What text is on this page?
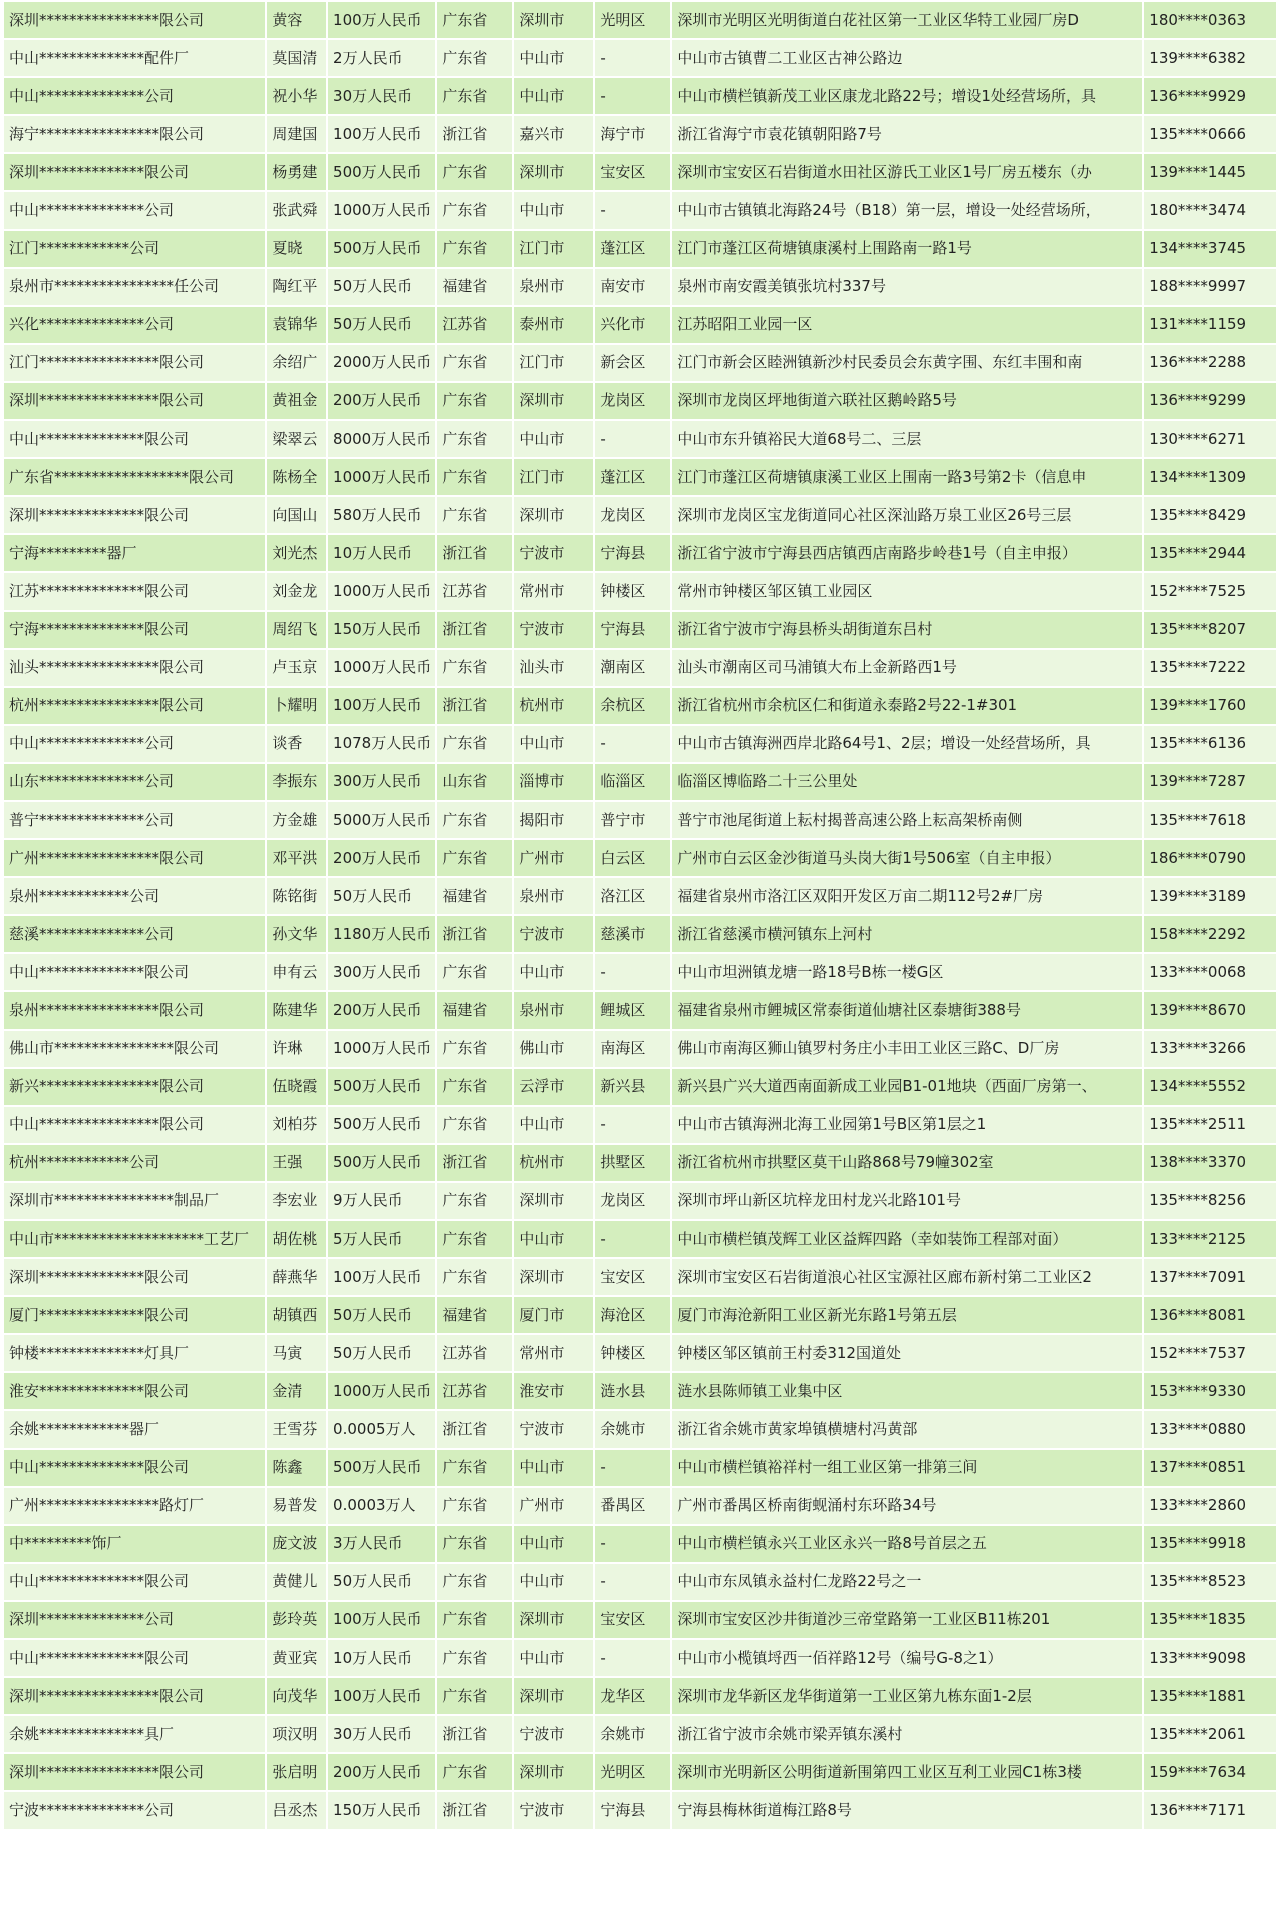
深圳****************限公司	黄容	100万人民币	广东省	深圳市	光明区	深圳市光明区光明街道白花社区第一工业区华特工业园厂房D	180****0363
中山**************配件厂	莫国清	2万人民币	广东省	中山市	-	中山市古镇曹二工业区古神公路边	139****6382
中山**************公司	祝小华	30万人民币	广东省	中山市	-	中山市横栏镇新茂工业区康龙北路22号；增设1处经营场所，具	136****9929
海宁****************限公司	周建国	100万人民币	浙江省	嘉兴市	海宁市	浙江省海宁市袁花镇朝阳路7号	135****0666
深圳**************限公司	杨勇建	500万人民币	广东省	深圳市	宝安区	深圳市宝安区石岩街道水田社区游氏工业区1号厂房五楼东（办	139****1445
中山**************公司	张武舜	1000万人民币	广东省	中山市	-	中山市古镇镇北海路24号（B18）第一层，增设一处经营场所，	180****3474
江门************公司	夏晓	500万人民币	广东省	江门市	蓬江区	江门市蓬江区荷塘镇康溪村上围路南一路1号	134****3745
泉州市****************任公司	陶红平	50万人民币	福建省	泉州市	南安市	泉州市南安霞美镇张坑村337号	188****9997
兴化**************公司	袁锦华	50万人民币	江苏省	泰州市	兴化市	江苏昭阳工业园一区	131****1159
江门****************限公司	余绍广	2000万人民币	广东省	江门市	新会区	江门市新会区睦洲镇新沙村民委员会东黄字围、东红丰围和南	136****2288
深圳****************限公司	黄祖金	200万人民币	广东省	深圳市	龙岗区	深圳市龙岗区坪地街道六联社区鹅岭路5号	136****9299
中山**************限公司	梁翠云	8000万人民币	广东省	中山市	-	中山市东升镇裕民大道68号二、三层	130****6271
广东省******************限公司	陈杨全	1000万人民币	广东省	江门市	蓬江区	江门市蓬江区荷塘镇康溪工业区上围南一路3号第2卡（信息申	134****1309
深圳**************限公司	向国山	580万人民币	广东省	深圳市	龙岗区	深圳市龙岗区宝龙街道同心社区深汕路万泉工业区26号三层	135****8429
宁海*********器厂	刘光杰	10万人民币	浙江省	宁波市	宁海县	浙江省宁波市宁海县西店镇西店南路步岭巷1号（自主申报）	135****2944
江苏**************限公司	刘金龙	1000万人民币	江苏省	常州市	钟楼区	常州市钟楼区邹区镇工业园区	152****7525
宁海**************限公司	周绍飞	150万人民币	浙江省	宁波市	宁海县	浙江省宁波市宁海县桥头胡街道东吕村	135****8207
汕头****************限公司	卢玉京	1000万人民币	广东省	汕头市	潮南区	汕头市潮南区司马浦镇大布上金新路西1号	135****7222
杭州****************限公司	卜耀明	100万人民币	浙江省	杭州市	余杭区	浙江省杭州市余杭区仁和街道永泰路2号22-1#301	139****1760
中山**************公司	谈香	1078万人民币	广东省	中山市	-	中山市古镇海洲西岸北路64号1、2层；增设一处经营场所，具	135****6136
山东**************公司	李振东	300万人民币	山东省	淄博市	临淄区	临淄区博临路二十三公里处	139****7287
普宁**************公司	方金雄	5000万人民币	广东省	揭阳市	普宁市	普宁市池尾街道上耘村揭普高速公路上耘高架桥南侧	135****7618
广州****************限公司	邓平洪	200万人民币	广东省	广州市	白云区	广州市白云区金沙街道马头岗大街1号506室（自主申报）	186****0790
泉州************公司	陈铭街	50万人民币	福建省	泉州市	洛江区	福建省泉州市洛江区双阳开发区万亩二期112号2#厂房	139****3189
慈溪**************公司	孙文华	1180万人民币	浙江省	宁波市	慈溪市	浙江省慈溪市横河镇东上河村	158****2292
中山**************限公司	申有云	300万人民币	广东省	中山市	-	中山市坦洲镇龙塘一路18号B栋一楼G区	133****0068
泉州****************限公司	陈建华	200万人民币	福建省	泉州市	鲤城区	福建省泉州市鲤城区常泰街道仙塘社区泰塘街388号	139****8670
佛山市****************限公司	许琳	1000万人民币	广东省	佛山市	南海区	佛山市南海区狮山镇罗村务庄小丰田工业区三路C、D厂房	133****3266
新兴****************限公司	伍晓霞	500万人民币	广东省	云浮市	新兴县	新兴县广兴大道西南面新成工业园B1-01地块（西面厂房第一、	134****5552
中山****************限公司	刘柏芬	500万人民币	广东省	中山市	-	中山市古镇海洲北海工业园第1号B区第1层之1	135****2511
杭州************公司	王强	500万人民币	浙江省	杭州市	拱墅区	浙江省杭州市拱墅区莫干山路868号79幢302室	138****3370
深圳市****************制品厂	李宏业	9万人民币	广东省	深圳市	龙岗区	深圳市坪山新区坑梓龙田村龙兴北路101号	135****8256
中山市********************工艺厂	胡佐桃	5万人民币	广东省	中山市	-	中山市横栏镇茂辉工业区益辉四路（幸如装饰工程部对面）	133****2125
深圳**************限公司	薛燕华	100万人民币	广东省	深圳市	宝安区	深圳市宝安区石岩街道浪心社区宝源社区廊布新村第二工业区2	137****7091
厦门**************限公司	胡镇西	50万人民币	福建省	厦门市	海沧区	厦门市海沧新阳工业区新光东路1号第五层	136****8081
钟楼**************灯具厂	马寅	50万人民币	江苏省	常州市	钟楼区	钟楼区邹区镇前王村委312国道处	152****7537
淮安**************限公司	金清	1000万人民币	江苏省	淮安市	涟水县	涟水县陈师镇工业集中区	153****9330
余姚************器厂	王雪芬	0.0005万人	浙江省	宁波市	余姚市	浙江省余姚市黄家埠镇横塘村冯黄部	133****0880
中山**************限公司	陈鑫	500万人民币	广东省	中山市	-	中山市横栏镇裕祥村一组工业区第一排第三间	137****0851
广州****************路灯厂	易普发	0.0003万人	广东省	广州市	番禺区	广州市番禺区桥南街蚬涌村东环路34号	133****2860
中*********饰厂	庞文波	3万人民币	广东省	中山市	-	中山市横栏镇永兴工业区永兴一路8号首层之五	135****9918
中山**************限公司	黄健儿	50万人民币	广东省	中山市	-	中山市东凤镇永益村仁龙路22号之一	135****8523
深圳**************公司	彭玲英	100万人民币	广东省	深圳市	宝安区	深圳市宝安区沙井街道沙三帝堂路第一工业区B11栋201	135****1835
中山**************限公司	黄亚宾	10万人民币	广东省	中山市	-	中山市小榄镇埒西一佰祥路12号（编号G-8之1）	133****9098
深圳****************限公司	向茂华	100万人民币	广东省	深圳市	龙华区	深圳市龙华新区龙华街道第一工业区第九栋东面1-2层	135****1881
余姚**************具厂	项汉明	30万人民币	浙江省	宁波市	余姚市	浙江省宁波市余姚市梁弄镇东溪村	135****2061
深圳****************限公司	张启明	200万人民币	广东省	深圳市	光明区	深圳市光明新区公明街道新围第四工业区互利工业园C1栋3楼	159****7634
宁波**************公司	吕丞杰	150万人民币	浙江省	宁波市	宁海县	宁海县梅林街道梅江路8号	136****7171
